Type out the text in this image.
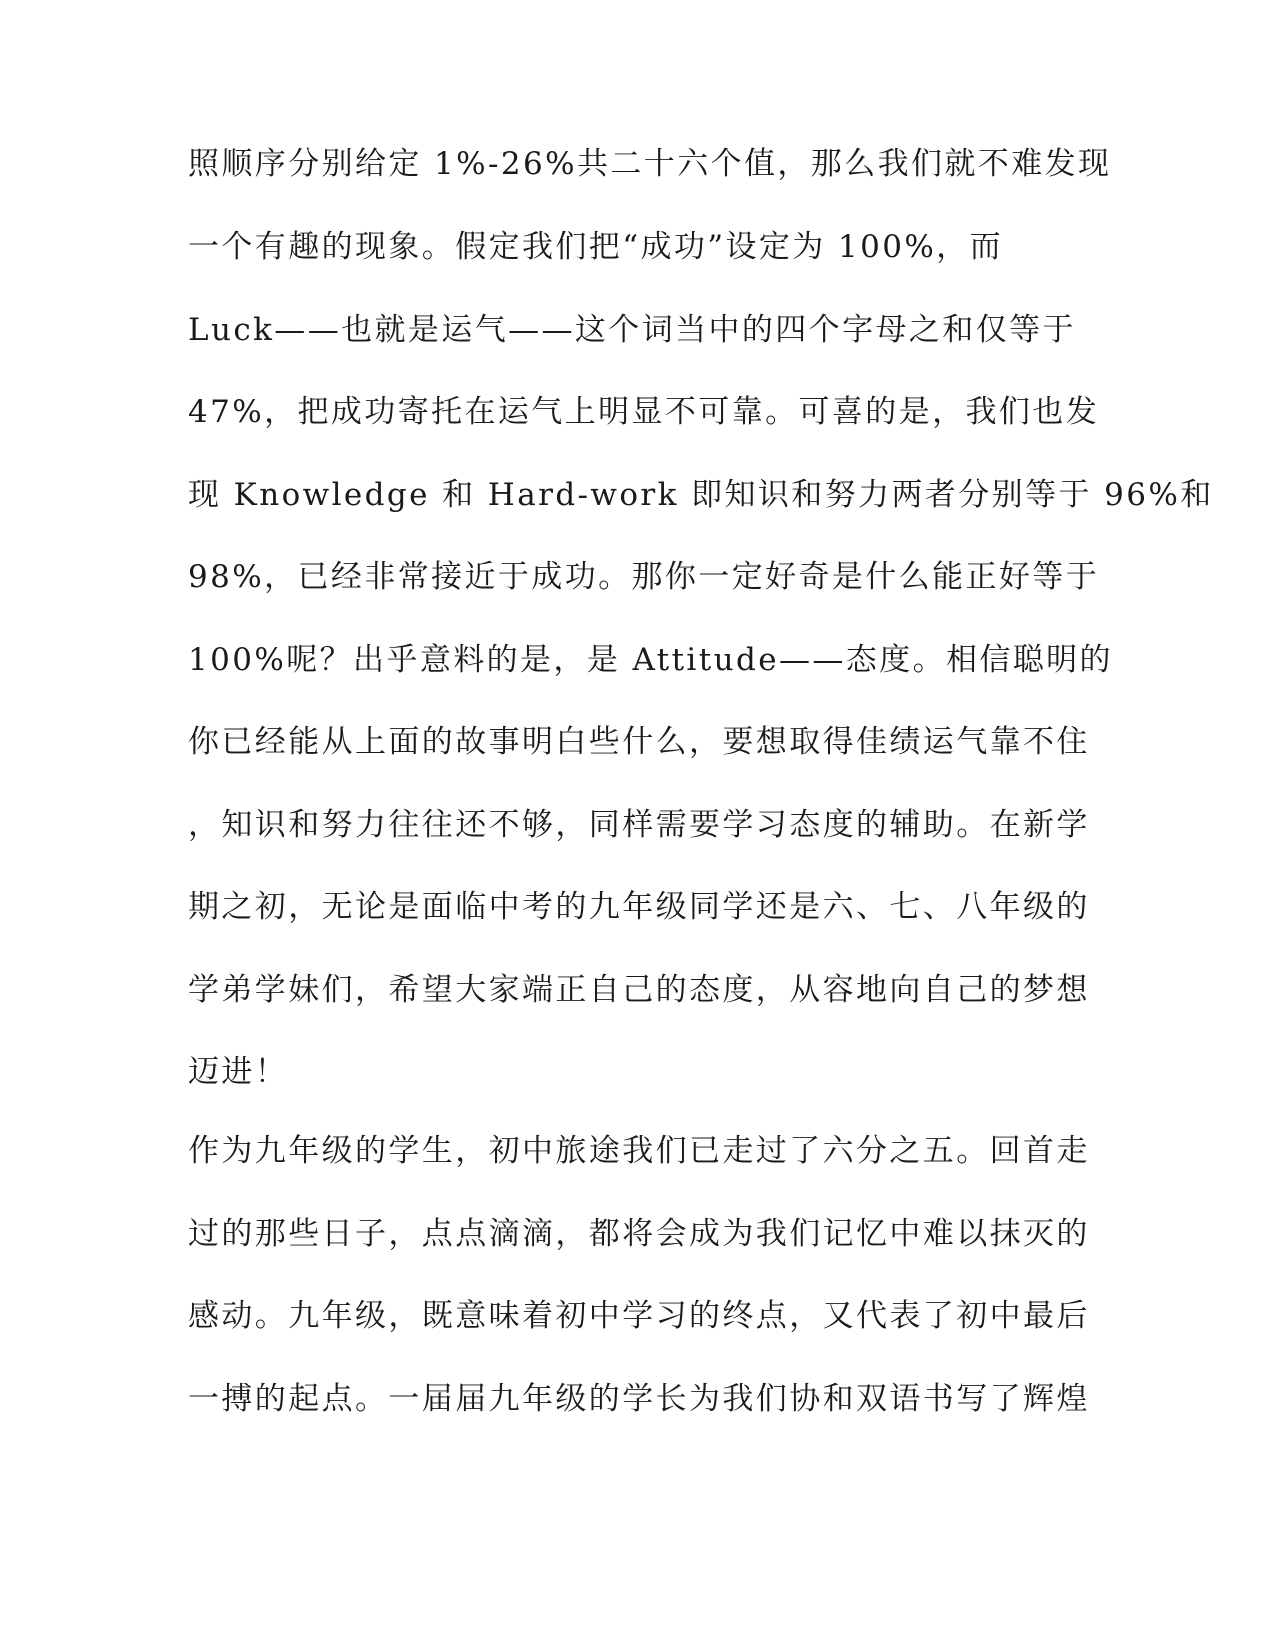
照顺序分别给定 1%-26%共二十六个值，那么我们就不难发现
一个有趣的现象。假定我们把“成功”设定为 100%，而
Luck——也就是运气——这个词当中的四个字母之和仅等于
47%，把成功寄托在运气上明显不可靠。可喜的是，我们也发
现 Knowledge 和 Hard-work 即知识和努力两者分别等于 96%和
98%，已经非常接近于成功。那你一定好奇是什么能正好等于
100%呢？出乎意料的是，是 Attitude——态度。相信聪明的
你已经能从上面的故事明白些什么，要想取得佳绩运气靠不住
，知识和努力往往还不够，同样需要学习态度的辅助。在新学
期之初，无论是面临中考的九年级同学还是六、七、八年级的
学弟学妹们，希望大家端正自己的态度，从容地向自己的梦想
迈进！
作为九年级的学生，初中旅途我们已走过了六分之五。回首走
过的那些日子，点点滴滴，都将会成为我们记忆中难以抹灭的
感动。九年级，既意味着初中学习的终点，又代表了初中最后
一搏的起点。一届届九年级的学长为我们协和双语书写了辉煌
